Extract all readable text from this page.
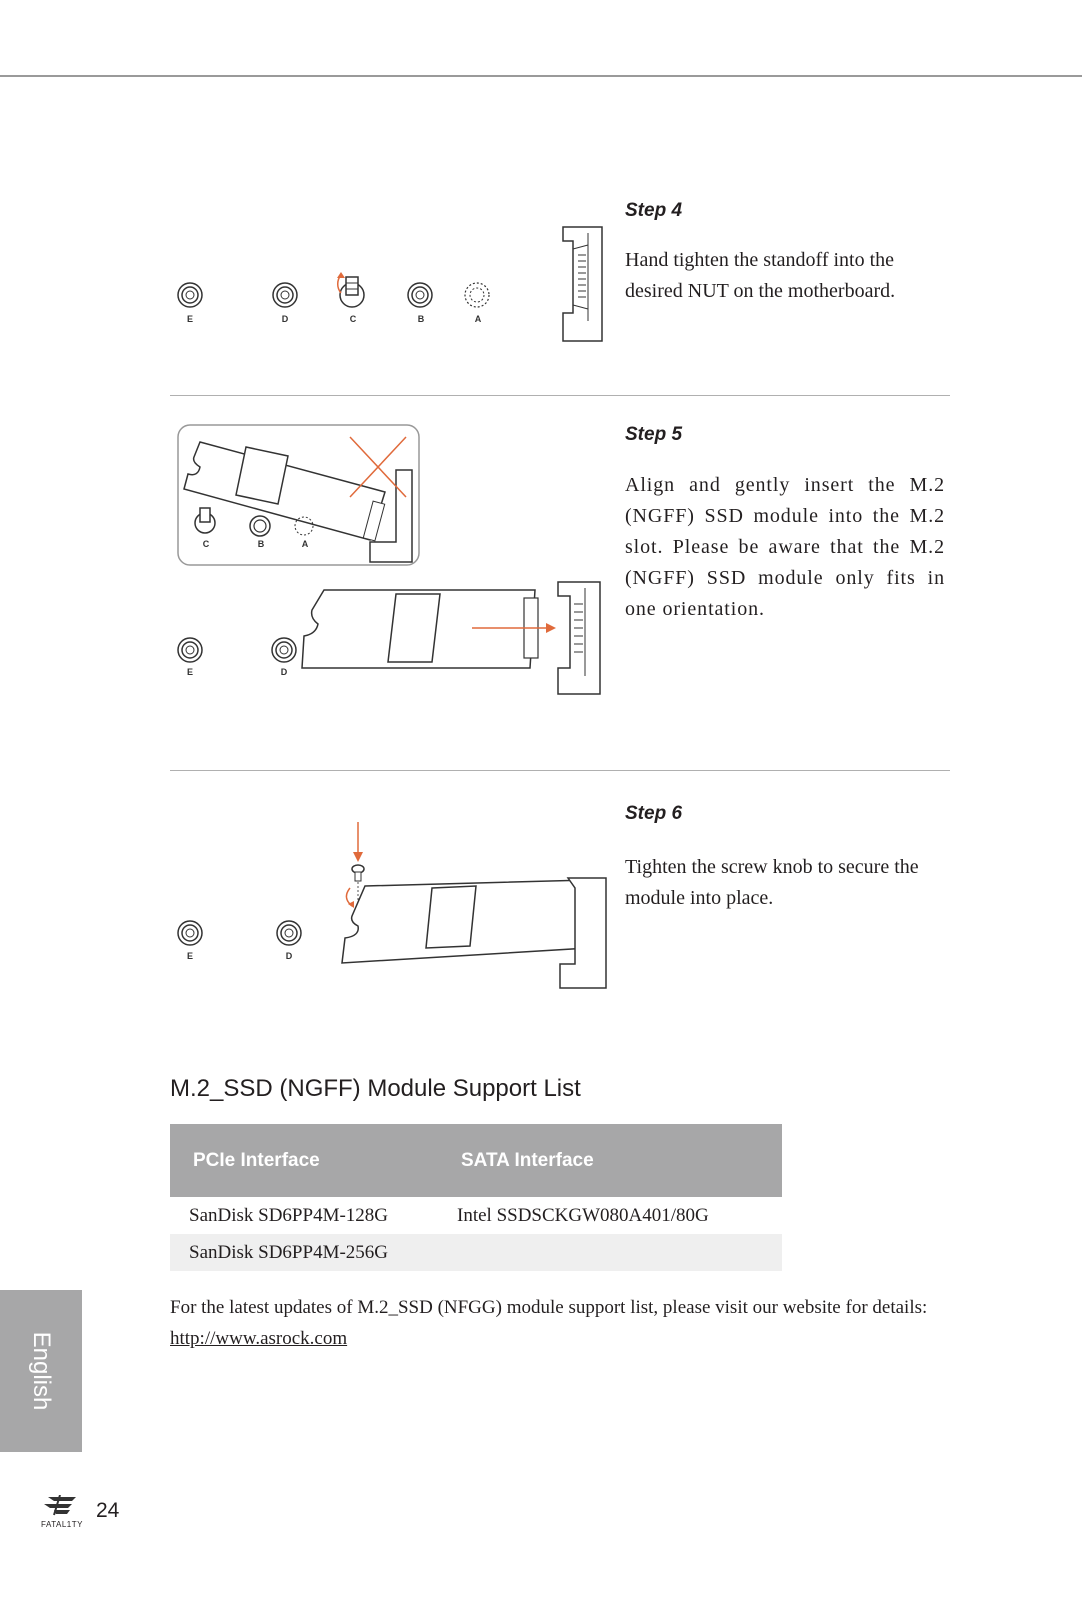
E	D	C	B	A

Step 4

Hand tighten the standoff into the desired NUT on the motherboard.

C	B	A
E	D

Step 5

Align and gently insert the M.2 (NGFF) SSD module into the M.2 slot. Please be aware that the M.2 (NGFF) SSD module only fits in one orientation.

E	D

Step 6

Tighten the screw knob to secure the module into place.

M.2_SSD (NGFF) Module Support List
PCIe Interface	SATA Interface
SanDisk SD6PP4M-128G	Intel SSDSCKGW080A401/80G
SanDisk SD6PP4M-256G	

For the latest updates of M.2_SSD (NFGG) module support list, please visit our website for details: http://www.asrock.com

English
FATAL1TY
24
